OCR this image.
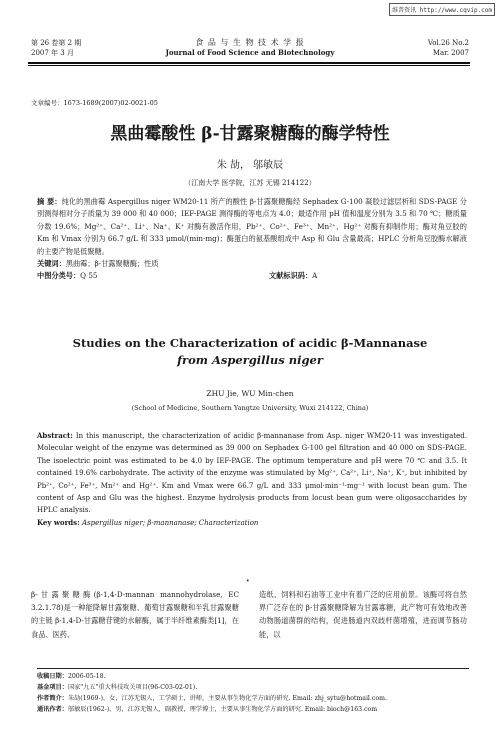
维普资讯 http://www.cqvip.com
第 26 卷第 2 期
2007 年 3 月
食 品 与 生 物 技 术 学 报
Journal of Food Science and Biotechnology
Vol.26 No.2
Mar. 2007
文章编号：1673-1689(2007)02-0021-05
黑曲霉酸性 β-甘露聚糖酶的酶学特性
朱 劼， 邬敏辰
（江南大学 医学院，江苏 无锡 214122）
摘 要：纯化的黑曲霉 Aspergillus niger WM20-11 所产的酸性 β-甘露聚糖酶经 Sephadex G-100 凝胶过滤层析和 SDS-PAGE 分别测得相对分子质量为 39 000 和 40 000；IEF-PAGE 测得酶的等电点为 4.0；最适作用 pH 值和温度分别为 3.5 和 70 ℃；糖质量分数 19.6%；Mg²⁺、Ca²⁺、Li⁺、Na⁺、K⁺ 对酶有激活作用，Pb²⁺、Co²⁺、Fe³⁺、Mn²⁺、Hg²⁺ 对酶有抑制作用；酶对角豆胶的 Km 和 Vmax 分别为 66.7 g/L 和 333 μmol/(min·mg)；酶蛋白的氨基酸组成中 Asp 和 Glu 含量最高；HPLC 分析角豆胶酶水解液的主要产物是低聚糖。
关键词：黑曲霉；β-甘露聚糖酶；性质
中图分类号：Q 55	文献标识码：A
Studies on the Characterization of acidic β-Mannanase
from Aspergillus niger
ZHU Jie, WU Min-chen
(School of Medicine, Southern Yangtze University, Wuxi 214122, China)
Abstract: In this manuscript, the characterization of acidic β-mannanase from Asp. niger WM20-11 was investigated. Molecular weight of the enzyme was determined as 39 000 on Sephadex G-100 gel filtration and 40 000 on SDS-PAGE. The isoelectric point was estimated to be 4.0 by IEF-PAGE. The optimum temperature and pH were 70 ℃ and 3.5. It contained 19.6% carbohydrate. The activity of the enzyme was stimulated by Mg²⁺, Ca²⁺, Li⁺, Na⁺, K⁺, but inhibited by Pb²⁺, Co²⁺, Fe³⁺, Mn²⁺ and Hg²⁺. Km and Vmax were 66.7 g/L and 333 μmol·min⁻¹·mg⁻¹ with locust bean gum. The content of Asp and Glu was the highest. Enzyme hydrolysis products from locust bean gum were oligosaccharides by HPLC analysis.
Key words: Aspergillus niger; β-mannanase; Characterization
•
β-甘露聚糖酶(β-1,4-D-mannan mannohydrolase, EC 3.2.1.78)是一种能降解甘露聚糖、葡萄甘露聚糖和半乳甘露聚糖的主链 β-1,4-D-甘露糖苷键的水解酶，属于半纤维素酶类[1]，在食品、医药、
造纸、饲料和石油等工业中有着广泛的应用前景。该酶可将自然界广泛存在的 β-甘露聚糖降解为甘露寡糖，此产物可有效地改善动物肠道菌群的结构，促进肠道内双歧杆菌增殖，进而调节肠功能，以
收稿日期：2006-05-18.
基金项目：国家"九五"重大科技攻关项目(96-C03-02-01).
作者简介：朱劼(1969-)，女，江苏无锡人，工学硕士，讲师，主要从事生物化学方面的研究. Email: zhj_sytu@hotmail.com.
通讯作者：邬敏辰(1962-)，男，江苏无锡人，副教授，理学博士，主要从事生物化学方面的研究. Email: bioch@163.com
